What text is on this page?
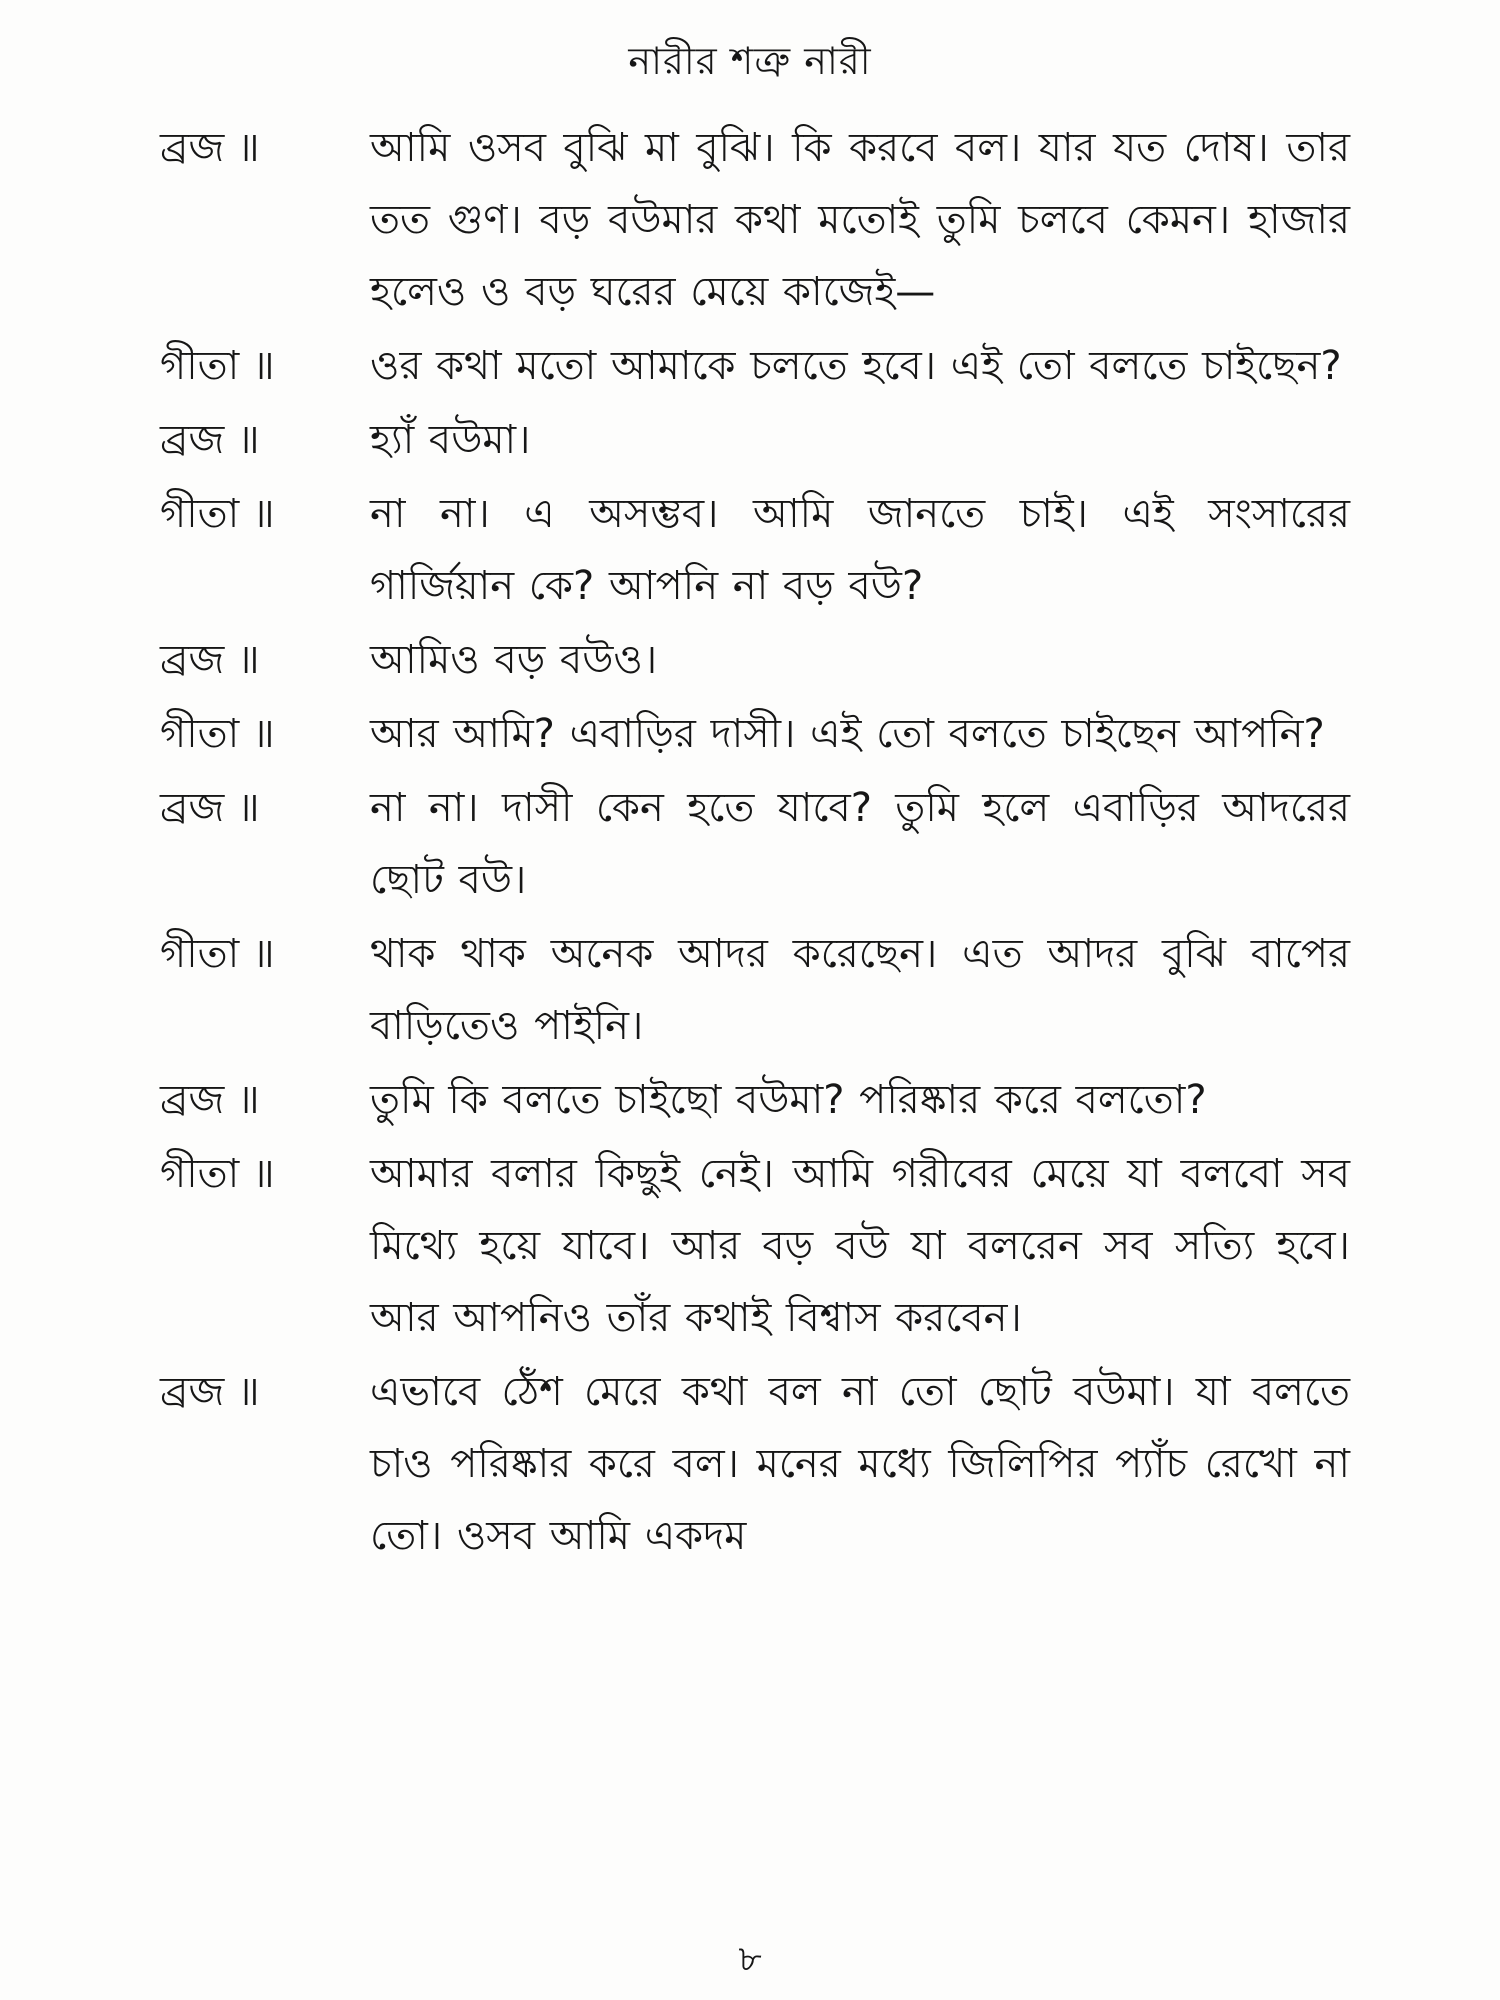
নারীর শত্রু নারী
ব্রজ ॥	আমি ওসব বুঝি মা বুঝি। কি করবে বল। যার যত দোষ। তার তত গুণ। বড় বউমার কথা মতোই তুমি চলবে কেমন। হাজার হলেও ও বড় ঘরের মেয়ে কাজেই—
গীতা ॥	ওর কথা মতো আমাকে চলতে হবে। এই তো বলতে চাইছেন?
ব্রজ ॥	হ্যাঁ বউমা।
গীতা ॥	না না। এ অসম্ভব। আমি জানতে চাই। এই সংসারের গার্জিয়ান কে? আপনি না বড় বউ?
ব্রজ ॥	আমিও বড় বউও।
গীতা ॥	আর আমি? এবাড়ির দাসী। এই তো বলতে চাইছেন আপনি?
ব্রজ ॥	না না। দাসী কেন হতে যাবে? তুমি হলে এবাড়ির আদরের ছোট বউ।
গীতা ॥	থাক থাক অনেক আদর করেছেন। এত আদর বুঝি বাপের বাড়িতেও পাইনি।
ব্রজ ॥	তুমি কি বলতে চাইছো বউমা? পরিষ্কার করে বলতো?
গীতা ॥	আমার বলার কিছুই নেই। আমি গরীবের মেয়ে যা বলবো সব মিথ্যে হয়ে যাবে। আর বড় বউ যা বলরেন সব সত্যি হবে। আর আপনিও তাঁর কথাই বিশ্বাস করবেন।
ব্রজ ॥	এভাবে ঠেঁশ মেরে কথা বল না তো ছোট বউমা। যা বলতে চাও পরিষ্কার করে বল। মনের মধ্যে জিলিপির প্যাঁচ রেখো না তো। ওসব আমি একদম
৮
